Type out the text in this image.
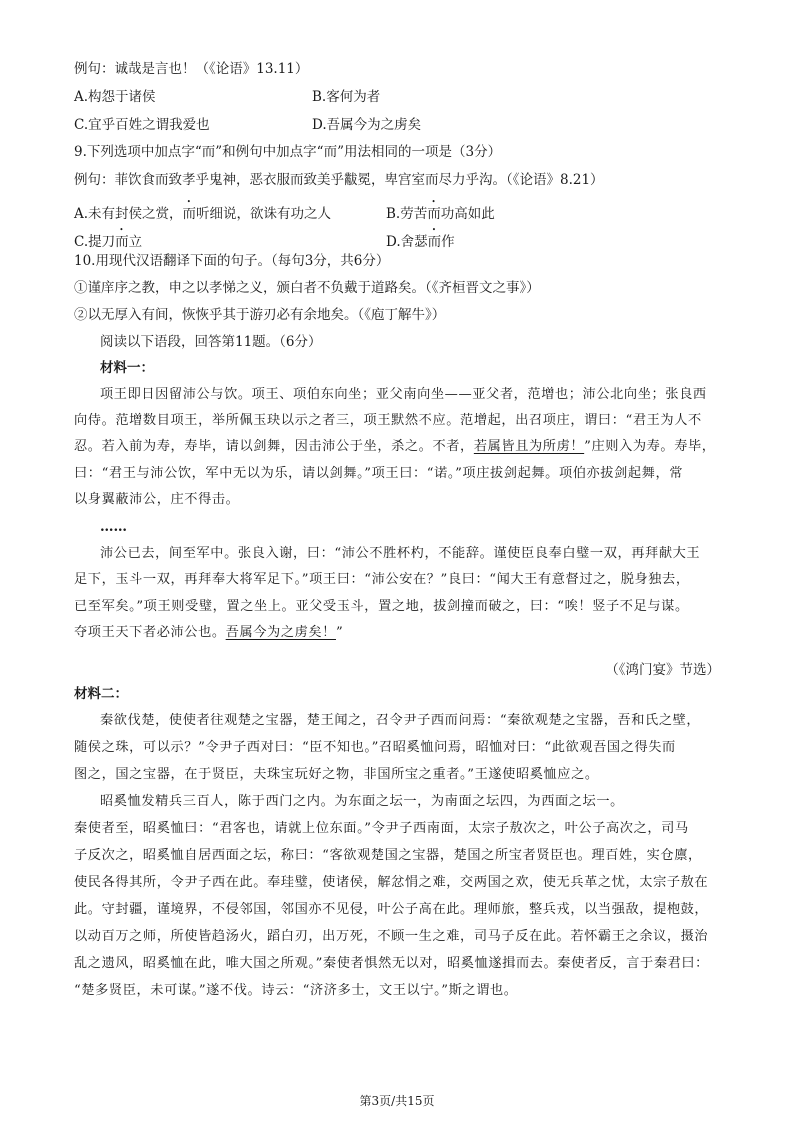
例句：诚哉是言也！（《论语》13.11）
A.构怨于诸侯	B.客何为者
C.宜乎百姓之谓我爱也	D.吾属今为之虏矣
9.下列选项中加点字“而”和例句中加点字“而”用法相同的一项是（3分）
例句：菲饮食而致孝乎鬼神，恶衣服而致美乎黻冕，卑宫室而尽力乎沟。（《论语》8.21）
A.未有封侯之赏，而听细说，欲诛有功之人	B.劳苦而功高如此
C.提刀而立	D.舍瑟而作
10.用现代汉语翻译下面的句子。（每句3分，共6分）
①谨庠序之教，申之以孝悌之义，颁白者不负戴于道路矣。（《齐桓晋文之事》）
②以无厚入有间，恢恢乎其于游刃必有余地矣。（《庖丁解牛》）
阅读以下语段，回答第11题。（6分）
材料一：
项王即日因留沛公与饮。项王、项伯东向坐；亚父南向坐——亚父者，范增也；沛公北向坐；张良西
向侍。范增数目项王，举所佩玉玦以示之者三，项王默然不应。范增起，出召项庄，谓曰：“君王为人不
忍。若入前为寿，寿毕，请以剑舞，因击沛公于坐，杀之。不者，若属皆且为所虏！”庄则入为寿。寿毕，
曰：“君王与沛公饮，军中无以为乐，请以剑舞。”项王曰：“诺。”项庄拔剑起舞。项伯亦拔剑起舞，常
以身翼蔽沛公，庄不得击。
……
沛公已去，间至军中。张良入谢，曰：“沛公不胜杯杓，不能辞。谨使臣良奉白璧一双，再拜献大王
足下，玉斗一双，再拜奉大将军足下。”项王曰：“沛公安在？”良曰：“闻大王有意督过之，脱身独去，
已至军矣。”项王则受璧，置之坐上。亚父受玉斗，置之地，拔剑撞而破之，曰：“唉！竖子不足与谋。
夺项王天下者必沛公也。吾属今为之虏矣！”
（《鸿门宴》节选）
材料二：
秦欲伐楚，使使者往观楚之宝器，楚王闻之，召令尹子西而问焉：“秦欲观楚之宝器，吾和氏之壁，
随侯之珠，可以示？”令尹子西对曰：“臣不知也。”召昭奚恤问焉，昭恤对曰：“此欲观吾国之得失而
图之，国之宝器，在于贤臣，夫珠宝玩好之物，非国所宝之重者。”王遂使昭奚恤应之。
昭奚恤发精兵三百人，陈于西门之内。为东面之坛一，为南面之坛四，为西面之坛一。
秦使者至，昭奚恤曰：“君客也，请就上位东面。”令尹子西南面，太宗子敖次之，叶公子高次之，司马
子反次之，昭奚恤自居西面之坛，称曰：“客欲观楚国之宝器，楚国之所宝者贤臣也。理百姓，实仓廪，
使民各得其所，令尹子西在此。奉珪璧，使诸侯，解忿悁之难，交两国之欢，使无兵革之忧，太宗子敖在
此。守封疆，谨境界，不侵邻国，邻国亦不见侵，叶公子高在此。理师旅，整兵戎，以当强敌，提枹鼓，
以动百万之师，所使皆趋汤火，蹈白刃，出万死，不顾一生之难，司马子反在此。若怀霸王之余议，摄治
乱之遗风，昭奚恤在此，唯大国之所观。”秦使者惧然无以对，昭奚恤遂揖而去。秦使者反，言于秦君曰：
“楚多贤臣，未可谋。”遂不伐。诗云：“济济多士，文王以宁。”斯之谓也。
第3页/共15页
